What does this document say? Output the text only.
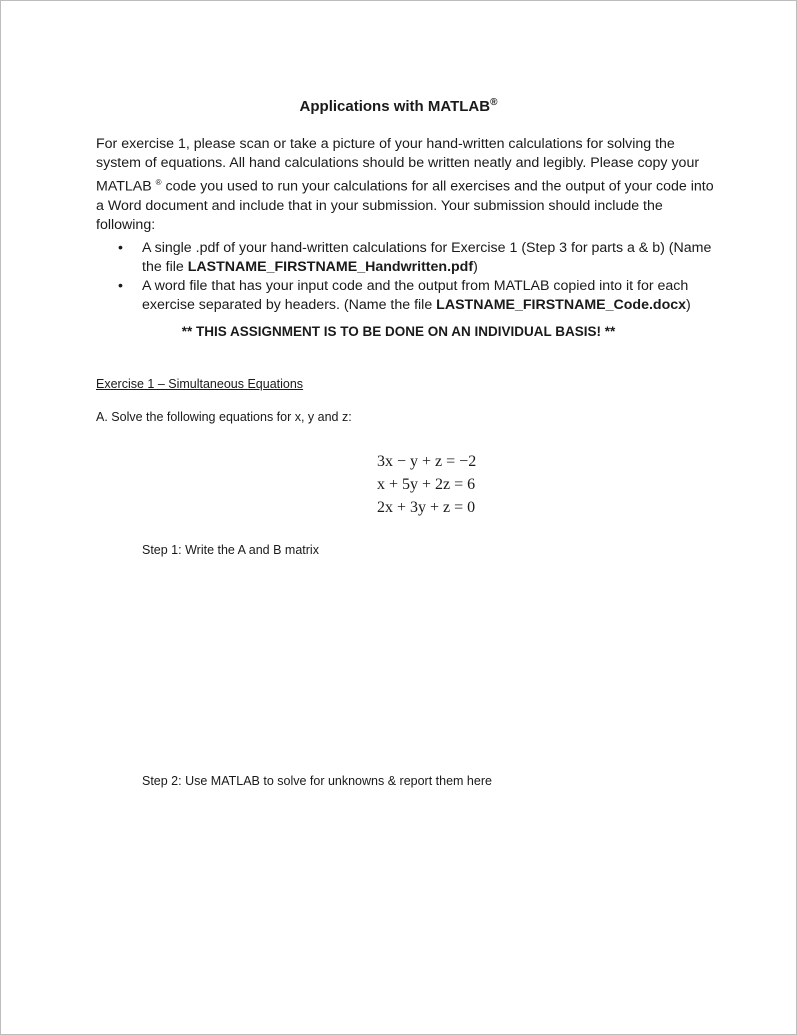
Applications with MATLAB®

For exercise 1, please scan or take a picture of your hand-written calculations for solving the system of equations. All hand calculations should be written neatly and legibly. Please copy your MATLAB ® code you used to run your calculations for all exercises and the output of your code into a Word document and include that in your submission. Your submission should include the following:

• A single .pdf of your hand-written calculations for Exercise 1 (Step 3 for parts a & b) (Name the file LASTNAME_FIRSTNAME_Handwritten.pdf)
• A word file that has your input code and the output from MATLAB copied into it for each exercise separated by headers. (Name the file LASTNAME_FIRSTNAME_Code.docx)

** THIS ASSIGNMENT IS TO BE DONE ON AN INDIVIDUAL BASIS! **

Exercise 1 – Simultaneous Equations

A. Solve the following equations for x, y and z:

3x − y + z = −2
x + 5y + 2z = 6
2x + 3y + z = 0

Step 1: Write the A and B matrix

Step 2: Use MATLAB to solve for unknowns & report them here
